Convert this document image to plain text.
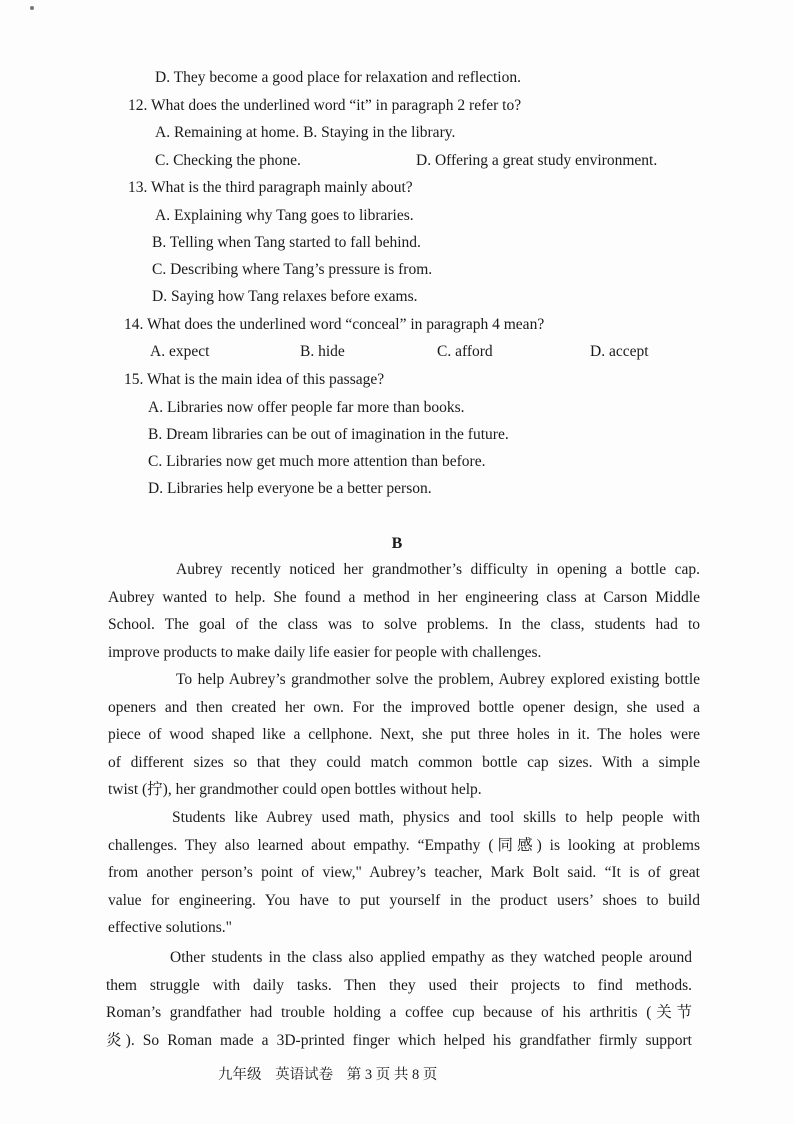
D. They become a good place for relaxation and reflection.
12. What does the underlined word “it” in paragraph 2 refer to?
A. Remaining at home. B. Staying in the library.
C. Checking the phone.	D. Offering a great study environment.
13. What is the third paragraph mainly about?
A. Explaining why Tang goes to libraries.
B. Telling when Tang started to fall behind.
C. Describing where Tang’s pressure is from.
D. Saying how Tang relaxes before exams.
14. What does the underlined word “conceal” in paragraph 4 mean?
A. expect	B. hide	C. afford	D. accept
15. What is the main idea of this passage?
A. Libraries now offer people far more than books.
B. Dream libraries can be out of imagination in the future.
C. Libraries now get much more attention than before.
D. Libraries help everyone be a better person.
B
Aubrey recently noticed her grandmother’s difficulty in opening a bottle cap.
Aubrey wanted to help. She found a method in her engineering class at Carson Middle
School. The goal of the class was to solve problems. In the class, students had to
improve products to make daily life easier for people with challenges.
To help Aubrey’s grandmother solve the problem, Aubrey explored existing bottle
openers and then created her own. For the improved bottle opener design, she used a
piece of wood shaped like a cellphone. Next, she put three holes in it. The holes were
of different sizes so that they could match common bottle cap sizes. With a simple
twist (拧), her grandmother could open bottles without help.
Students like Aubrey used math, physics and tool skills to help people with
challenges. They also learned about empathy. “Empathy (同感) is looking at problems
from another person’s point of view," Aubrey’s teacher, Mark Bolt said. “It is of great
value for engineering. You have to put yourself in the product users’ shoes to build
effective solutions."
Other students in the class also applied empathy as they watched people around
them struggle with daily tasks. Then they used their projects to find methods.
Roman’s grandfather had trouble holding a coffee cup because of his arthritis (关节
炎). So Roman made a 3D-printed finger which helped his grandfather firmly support
九年级 英语试卷 第 3 页 共 8 页
